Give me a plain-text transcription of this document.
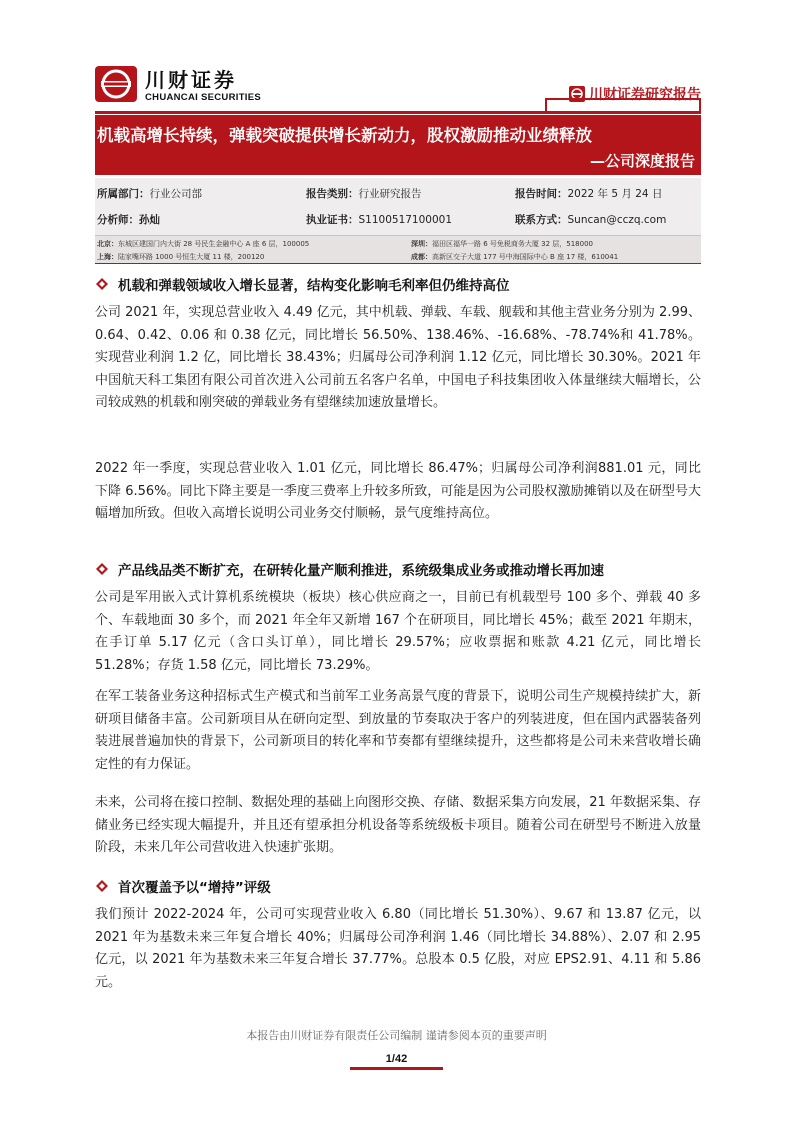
川财证券
CHUANCAI SECURITIES	川财证券研究报告
机载高增长持续，弹载突破提供增长新动力，股权激励推动业绩释放
—公司深度报告
所属部门：行业公司部	报告类别：行业研究报告	报告时间：2022 年 5 月 24 日
分析师：孙灿	执业证书：S1100517100001	联系方式：Suncan@cczq.com
北京：东城区建国门内大街 28 号民生金融中心 A 座 6 层，100005	深圳：福田区福华一路 6 号免税商务大厦 32 层，518000
上海：陆家嘴环路 1000 号恒生大厦 11 楼，200120	成都：高新区交子大道 177 号中海国际中心 B 座 17 楼，610041
机载和弹载领域收入增长显著，结构变化影响毛利率但仍维持高位
公司 2021 年，实现总营业收入 4.49 亿元，其中机载、弹载、车载、舰载和其他主营业务分别为 2.99、0.64、0.42、0.06 和 0.38 亿元，同比增长 56.50%、138.46%、-16.68%、-78.74%和 41.78%。实现营业利润 1.2 亿，同比增长 38.43%；归属母公司净利润 1.12 亿元，同比增长 30.30%。2021 年中国航天科工集团有限公司首次进入公司前五名客户名单，中国电子科技集团收入体量继续大幅增长，公司较成熟的机载和刚突破的弹载业务有望继续加速放量增长。
2022 年一季度，实现总营业收入 1.01 亿元，同比增长 86.47%；归属母公司净利润881.01 元，同比下降 6.56%。同比下降主要是一季度三费率上升较多所致，可能是因为公司股权激励摊销以及在研型号大幅增加所致。但收入高增长说明公司业务交付顺畅，景气度维持高位。
产品线品类不断扩充，在研转化量产顺利推进，系统级集成业务或推动增长再加速
公司是军用嵌入式计算机系统模块（板块）核心供应商之一，目前已有机载型号 100 多个、弹载 40 多个、车载地面 30 多个，而 2021 年全年又新增 167 个在研项目，同比增长 45%；截至 2021 年期末，在手订单 5.17 亿元（含口头订单），同比增长 29.57%；应收票据和账款 4.21 亿元，同比增长 51.28%；存货 1.58 亿元，同比增长 73.29%。
在军工装备业务这种招标式生产模式和当前军工业务高景气度的背景下，说明公司生产规模持续扩大，新研项目储备丰富。公司新项目从在研向定型、到放量的节奏取决于客户的列装进度，但在国内武器装备列装进展普遍加快的背景下，公司新项目的转化率和节奏都有望继续提升，这些都将是公司未来营收增长确定性的有力保证。
未来，公司将在接口控制、数据处理的基础上向图形交换、存储、数据采集方向发展，21 年数据采集、存储业务已经实现大幅提升，并且还有望承担分机设备等系统级板卡项目。随着公司在研型号不断进入放量阶段，未来几年公司营收进入快速扩张期。
首次覆盖予以“增持”评级
我们预计 2022-2024 年，公司可实现营业收入 6.80（同比增长 51.30%）、9.67 和 13.87 亿元，以 2021 年为基数未来三年复合增长 40%；归属母公司净利润 1.46（同比增长 34.88%）、2.07 和 2.95 亿元，以 2021 年为基数未来三年复合增长 37.77%。总股本 0.5 亿股，对应 EPS2.91、4.11 和 5.86 元。
本报告由川财证券有限责任公司编制 谨请参阅本页的重要声明
1/42
